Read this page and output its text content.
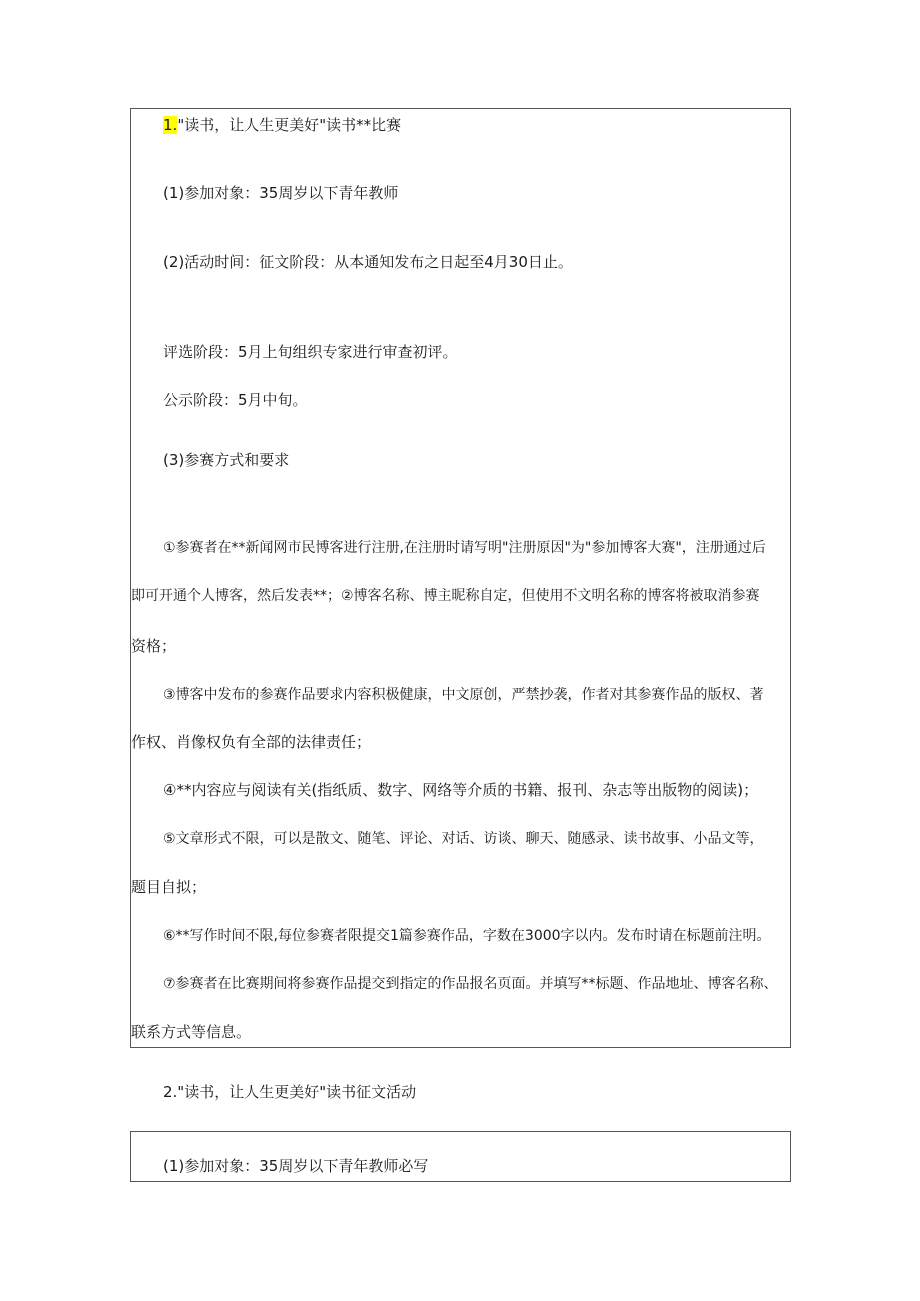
1."读书，让人生更美好"读书**比赛
(1)参加对象：35周岁以下青年教师
(2)活动时间：征文阶段：从本通知发布之日起至4月30日止。
评选阶段：5月上旬组织专家进行审查初评。
公示阶段：5月中旬。
(3)参赛方式和要求
①参赛者在**新闻网市民博客进行注册,在注册时请写明"注册原因"为"参加博客大赛"，注册通过后
即可开通个人博客，然后发表**；②博客名称、博主昵称自定，但使用不文明名称的博客将被取消参赛
资格；
③博客中发布的参赛作品要求内容积极健康，中文原创，严禁抄袭，作者对其参赛作品的版权、著
作权、肖像权负有全部的法律责任；
④**内容应与阅读有关(指纸质、数字、网络等介质的书籍、报刊、杂志等出版物的阅读)；
⑤文章形式不限，可以是散文、随笔、评论、对话、访谈、聊天、随感录、读书故事、小品文等，
题目自拟；
⑥**写作时间不限,每位参赛者限提交1篇参赛作品，字数在3000字以内。发布时请在标题前注明。
⑦参赛者在比赛期间将参赛作品提交到指定的作品报名页面。并填写**标题、作品地址、博客名称、
联系方式等信息。
2."读书，让人生更美好"读书征文活动
(1)参加对象：35周岁以下青年教师必写
